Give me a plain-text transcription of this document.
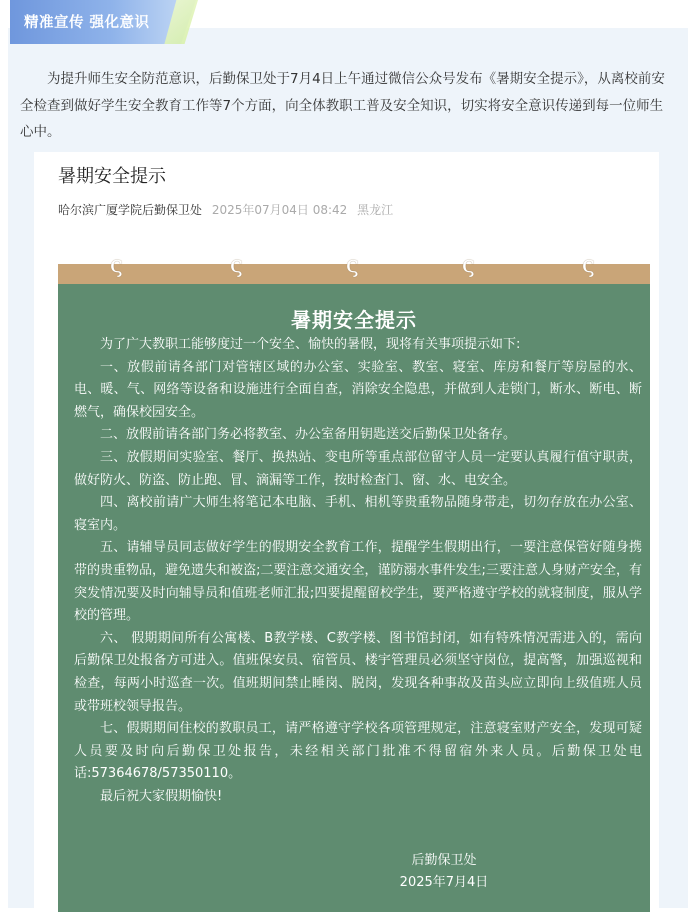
精准宣传 强化意识

为提升师生安全防范意识，后勤保卫处于7月4日上午通过微信公众号发布《暑期安全提示》，从离校前安全检查到做好学生安全教育工作等7个方面，向全体教职工普及安全知识，切实将安全意识传递到每一位师生心中。

暑期安全提示
哈尔滨广厦学院后勤保卫处 2025年07月04日 08:42 黑龙江
ς	ς	ς	ς	ς
暑期安全提示

为了广大教职工能够度过一个安全、愉快的暑假，现将有关事项提示如下:

一、放假前请各部门对管辖区域的办公室、实验室、教室、寝室、库房和餐厅等房屋的水、电、暖、气、网络等设备和设施进行全面自查，消除安全隐患，并做到人走锁门，断水、断电、断燃气，确保校园安全。

二、放假前请各部门务必将教室、办公室备用钥匙送交后勤保卫处备存。

三、放假期间实验室、餐厅、换热站、变电所等重点部位留守人员一定要认真履行值守职责，做好防火、防盗、防止跑、冒、滴漏等工作，按时检查门、窗、水、电安全。

四、离校前请广大师生将笔记本电脑、手机、相机等贵重物品随身带走，切勿存放在办公室、寝室内。

五、请辅导员同志做好学生的假期安全教育工作，提醒学生假期出行，一要注意保管好随身携带的贵重物品，避免遗失和被盗;二要注意交通安全，谨防溺水事件发生;三要注意人身财产安全，有突发情况要及时向辅导员和值班老师汇报;四要提醒留校学生，要严格遵守学校的就寝制度，服从学校的管理。

六、 假期期间所有公寓楼、B教学楼、C教学楼、图书馆封闭，如有特殊情况需进入的，需向后勤保卫处报备方可进入。值班保安员、宿管员、楼宇管理员必须坚守岗位，提高警，加强巡视和检查，每两小时巡查一次。值班期间禁止睡岗、脱岗，发现各种事故及苗头应立即向上级值班人员或带班校领导报告。

七、假期期间住校的教职员工，请严格遵守学校各项管理规定，注意寝室财产安全，发现可疑人员要及时向后勤保卫处报告，未经相关部门批准不得留宿外来人员。后勤保卫处电话:57364678/57350110。

最后祝大家假期愉快!

后勤保卫处
2025年7月4日
